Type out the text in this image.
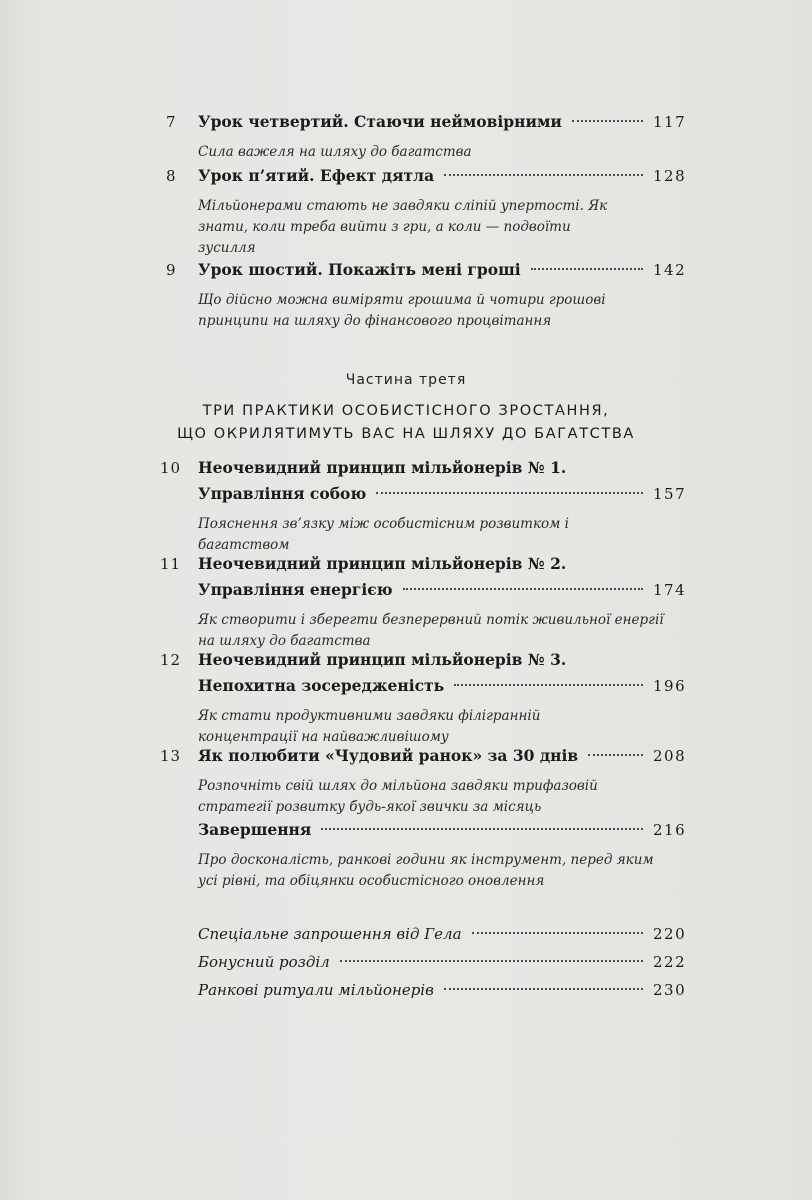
7	Урок четвертий. Стаючи неймовірними	117
Сила важеля на шляху до багатства
8	Урок п’ятий. Ефект дятла	128
Мільйонерами стають не завдяки сліпій упертості. Як знати, коли треба вийти з гри, а коли — подвоїти зусилля
9	Урок шостий. Покажіть мені гроші	142
Що дійсно можна виміряти грошима й чотири грошові принципи на шляху до фінансового процвітання
Частина третя
ТРИ ПРАКТИКИ ОСОБИСТІСНОГО ЗРОСТАННЯ,
ЩО ОКРИЛЯТИМУТЬ ВАС НА ШЛЯХУ ДО БАГАТСТВА
10	Неочевидний принцип мільйонерів № 1.
Управління собою	157
Пояснення зв’язку між особистісним розвитком і багатством
11	Неочевидний принцип мільйонерів № 2.
Управління енергією	174
Як створити і зберегти безперервний потік живильної енергії на шляху до багатства
12	Неочевидний принцип мільйонерів № 3.
Непохитна зосередженість	196
Як стати продуктивними завдяки філігранній концентрації на найважливішому
13	Як полюбити «Чудовий ранок» за 30 днів	208
Розпочніть свій шлях до мільйона завдяки трифазовій стратегії розвитку будь-якої звички за місяць
Завершення	216
Про досконалість, ранкові години як інструмент, перед яким усі рівні, та обіцянки особистісного оновлення
Спеціальне запрошення від Гела	220
Бонусний розділ	222
Ранкові ритуали мільйонерів	230
